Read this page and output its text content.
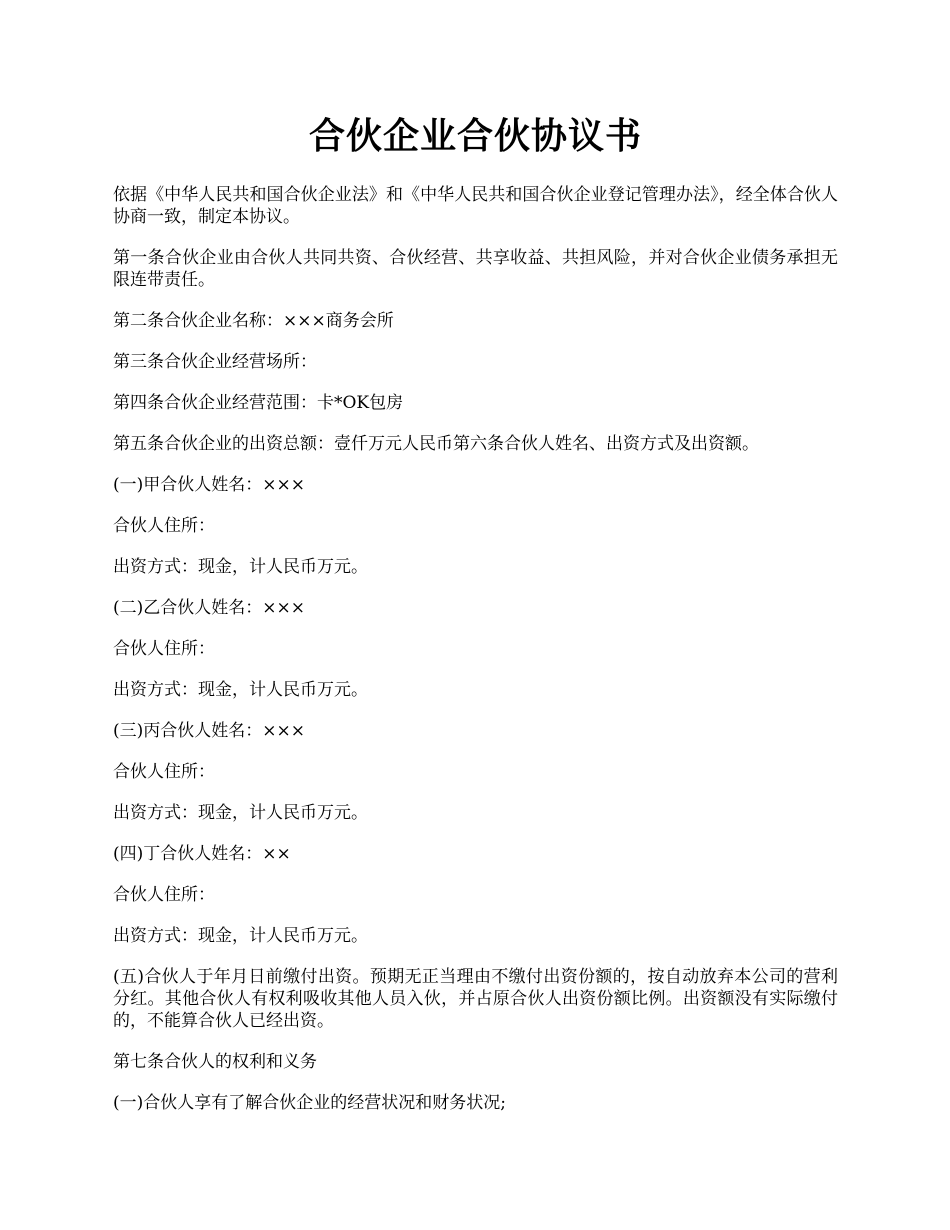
合伙企业合伙协议书

依据《中华人民共和国合伙企业法》和《中华人民共和国合伙企业登记管理办法》，经全体合伙人协商一致，制定本协议。

第一条合伙企业由合伙人共同共资、合伙经营、共享收益、共担风险，并对合伙企业债务承担无限连带责任。

第二条合伙企业名称：×××商务会所

第三条合伙企业经营场所：

第四条合伙企业经营范围：卡*OK包房

第五条合伙企业的出资总额：壹仟万元人民币第六条合伙人姓名、出资方式及出资额。

(一)甲合伙人姓名：×××

合伙人住所：

出资方式：现金，计人民币万元。

(二)乙合伙人姓名：×××

合伙人住所：

出资方式：现金，计人民币万元。

(三)丙合伙人姓名：×××

合伙人住所：

出资方式：现金，计人民币万元。

(四)丁合伙人姓名：××

合伙人住所：

出资方式：现金，计人民币万元。

(五)合伙人于年月日前缴付出资。预期无正当理由不缴付出资份额的，按自动放弃本公司的营利分红。其他合伙人有权利吸收其他人员入伙，并占原合伙人出资份额比例。出资额没有实际缴付的，不能算合伙人已经出资。

第七条合伙人的权利和义务

(一)合伙人享有了解合伙企业的经营状况和财务状况;
